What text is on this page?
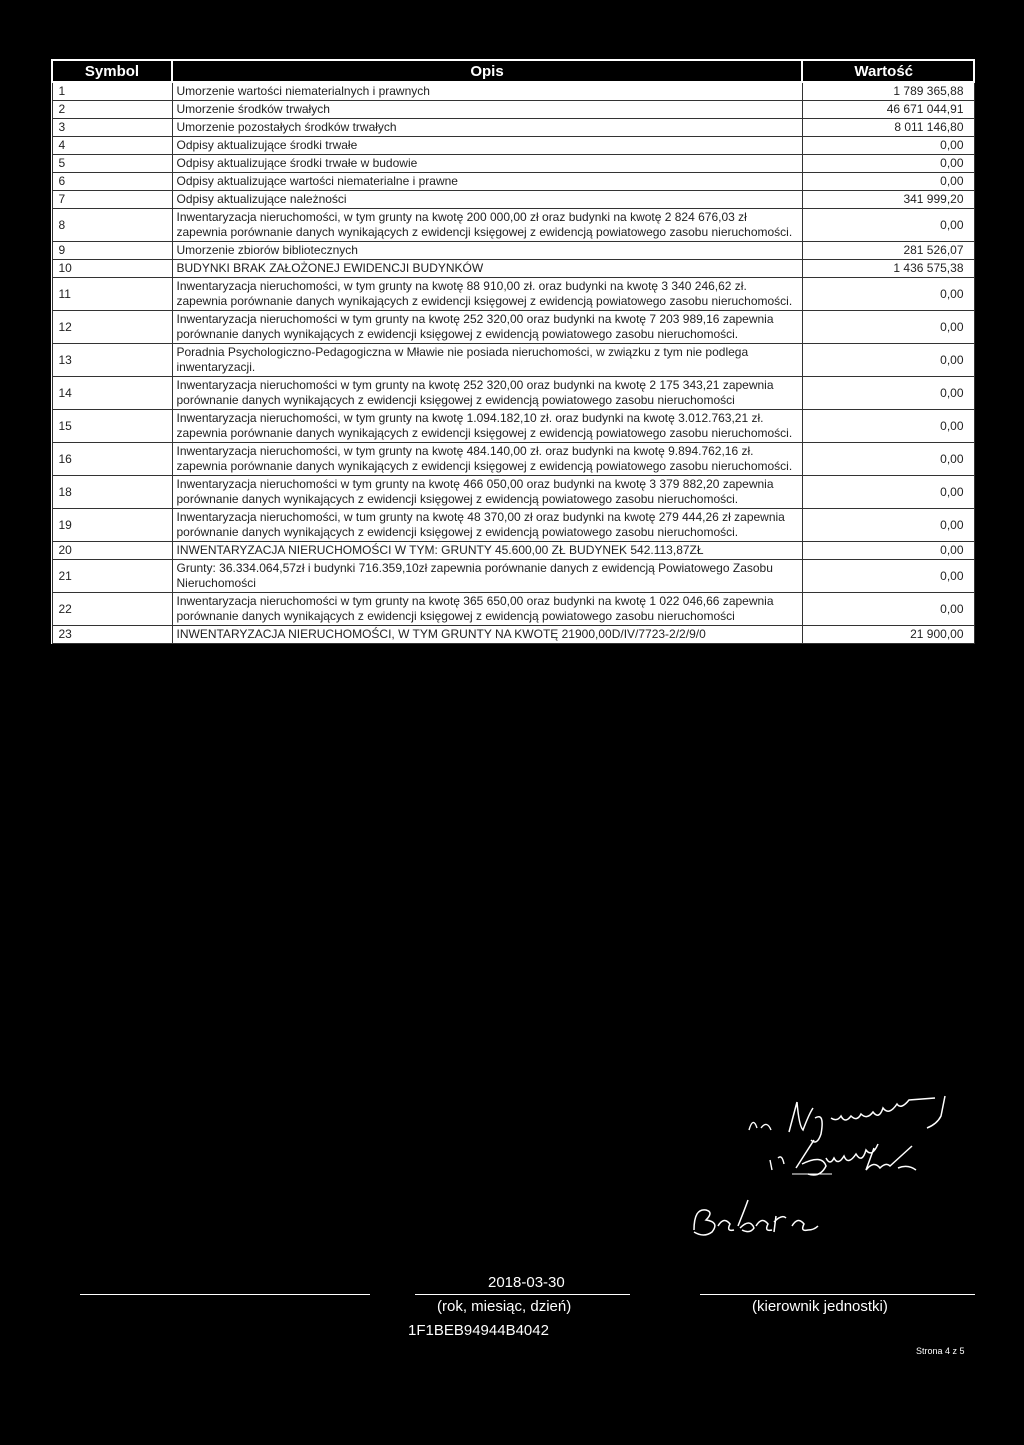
Symbol	Opis	Wartość
1	Umorzenie wartości niematerialnych i prawnych	1 789 365,88
2	Umorzenie środków trwałych	46 671 044,91
3	Umorzenie pozostałych środków trwałych	8 011 146,80
4	Odpisy aktualizujące środki trwałe	0,00
5	Odpisy aktualizujące środki trwałe w budowie	0,00
6	Odpisy aktualizujące wartości niematerialne i prawne	0,00
7	Odpisy aktualizujące należności	341 999,20
8	Inwentaryzacja nieruchomości, w tym grunty na kwotę 200 000,00 zł oraz budynki na kwotę 2 824 676,03 zł zapewnia porównanie danych wynikających z ewidencji księgowej z ewidencją powiatowego zasobu nieruchomości.	0,00
9	Umorzenie zbiorów bibliotecznych	281 526,07
10	BUDYNKI BRAK ZAŁOŻONEJ EWIDENCJI BUDYNKÓW	1 436 575,38
11	Inwentaryzacja nieruchomości, w tym grunty na kwotę 88 910,00 zł. oraz budynki na kwotę 3 340 246,62 zł. zapewnia porównanie danych wynikających z ewidencji księgowej z ewidencją powiatowego zasobu nieruchomości.	0,00
12	Inwentaryzacja nieruchomości w tym grunty na kwotę 252 320,00 oraz budynki na kwotę 7 203 989,16 zapewnia porównanie danych wynikających z ewidencji księgowej z ewidencją powiatowego zasobu nieruchomości.	0,00
13	Poradnia Psychologiczno-Pedagogiczna w Mławie nie posiada nieruchomości, w związku z tym nie podlega inwentaryzacji.	0,00
14	Inwentaryzacja nieruchomości w tym grunty na kwotę 252 320,00 oraz budynki na kwotę 2 175 343,21 zapewnia porównanie danych wynikających z ewidencji księgowej z ewidencją powiatowego zasobu nieruchomości	0,00
15	Inwentaryzacja nieruchomości, w tym grunty na kwotę 1.094.182,10 zł. oraz budynki na kwotę 3.012.763,21 zł. zapewnia porównanie danych wynikających z ewidencji księgowej z ewidencją powiatowego zasobu nieruchomości.	0,00
16	Inwentaryzacja nieruchomości, w tym grunty na kwotę 484.140,00 zł. oraz budynki na kwotę 9.894.762,16 zł. zapewnia porównanie danych wynikających z ewidencji księgowej z ewidencją powiatowego zasobu nieruchomości.	0,00
18	Inwentaryzacja nieruchomości w tym grunty na kwotę 466 050,00 oraz budynki na kwotę 3 379 882,20 zapewnia porównanie danych wynikających z ewidencji księgowej z ewidencją powiatowego zasobu nieruchomości.	0,00
19	Inwentaryzacja nieruchomości, w tum grunty na kwotę 48 370,00 zł oraz budynki na kwotę 279 444,26 zł zapewnia porównanie danych wynikających z ewidencji księgowej z ewidencją powiatowego zasobu nieruchomości.	0,00
20	INWENTARYZACJA NIERUCHOMOŚCI W TYM: GRUNTY 45.600,00 ZŁ BUDYNEK 542.113,87ZŁ	0,00
21	Grunty: 36.334.064,57zł i budynki 716.359,10zł zapewnia porównanie danych z ewidencją Powiatowego Zasobu Nieruchomości	0,00
22	Inwentaryzacja nieruchomości w tym grunty na kwotę 365 650,00 oraz budynki na kwotę 1 022 046,66 zapewnia porównanie danych wynikających z ewidencji księgowej z ewidencją powiatowego zasobu nieruchomości	0,00
23	INWENTARYZACJA NIERUCHOMOŚCI, W TYM GRUNTY NA KWOTĘ 21900,00D/IV/7723-2/2/9/0	21 900,00
2018-03-30
(rok, miesiąc, dzień)	(kierownik jednostki)
1F1BEB94944B4042
Strona 4 z 5
